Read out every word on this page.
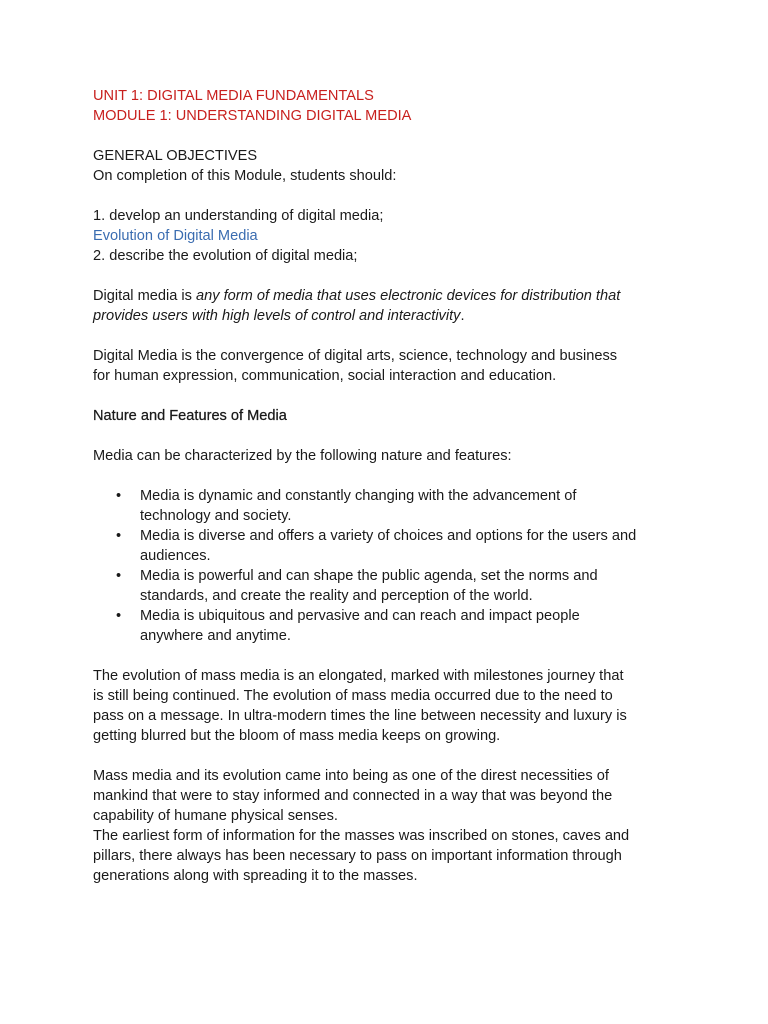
UNIT 1: DIGITAL MEDIA FUNDAMENTALS
MODULE 1: UNDERSTANDING DIGITAL MEDIA
GENERAL OBJECTIVES
On completion of this Module, students should:
1. develop an understanding of digital media;
Evolution of Digital Media
2. describe the evolution of digital media;
Digital media is any form of media that uses electronic devices for distribution that
provides users with high levels of control and interactivity.
Digital Media is the convergence of digital arts, science, technology and business
for human expression, communication, social interaction and education.
Nature and Features of Media
Media can be characterized by the following nature and features:
• Media is dynamic and constantly changing with the advancement of
technology and society.
• Media is diverse and offers a variety of choices and options for the users and
audiences.
• Media is powerful and can shape the public agenda, set the norms and
standards, and create the reality and perception of the world.
• Media is ubiquitous and pervasive and can reach and impact people
anywhere and anytime.
The evolution of mass media is an elongated, marked with milestones journey that
is still being continued. The evolution of mass media occurred due to the need to
pass on a message. In ultra-modern times the line between necessity and luxury is
getting blurred but the bloom of mass media keeps on growing.
Mass media and its evolution came into being as one of the direst necessities of
mankind that were to stay informed and connected in a way that was beyond the
capability of humane physical senses.
The earliest form of information for the masses was inscribed on stones, caves and
pillars, there always has been necessary to pass on important information through
generations along with spreading it to the masses.
